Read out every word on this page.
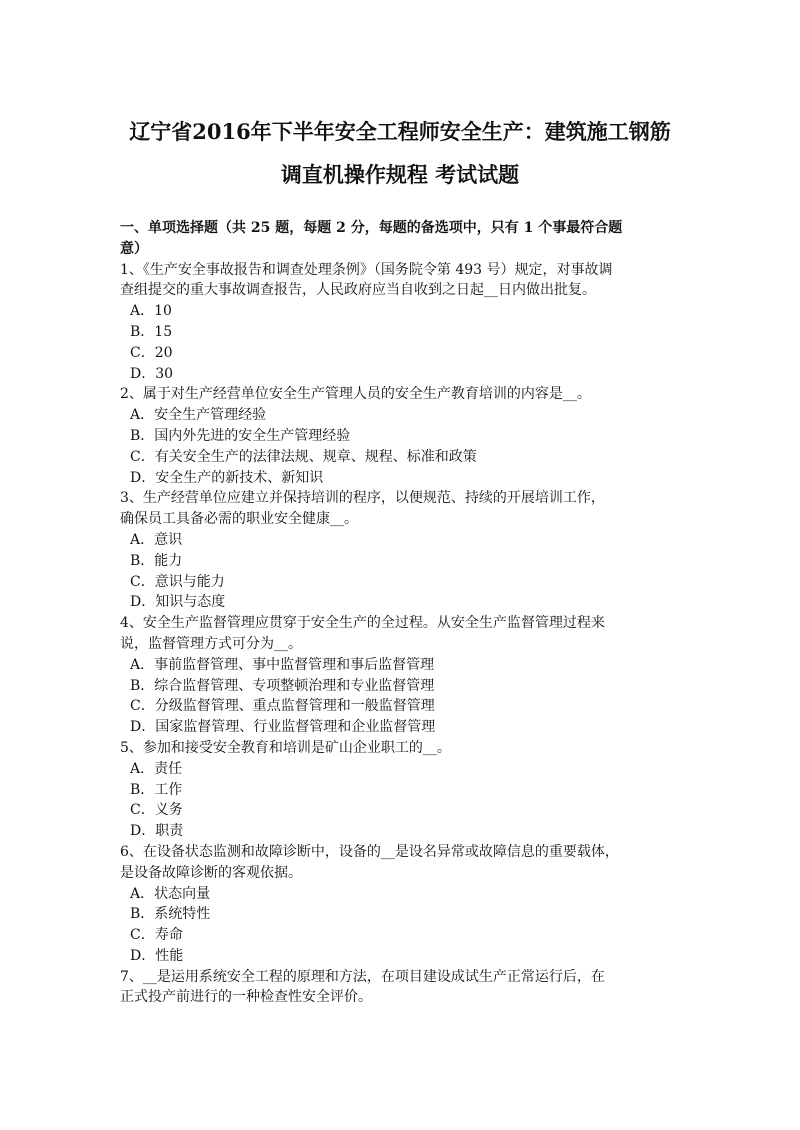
辽宁省2016年下半年安全工程师安全生产：建筑施工钢筋
调直机操作规程 考试试题
一、单项选择题（共 25 题，每题 2 分，每题的备选项中，只有 1 个事最符合题
意）
1、《生产安全事故报告和调查处理条例》（国务院令第 493 号）规定，对事故调
查组提交的重大事故调查报告，人民政府应当自收到之日起__日内做出批复。
A．10
B．15
C．20
D．30
2、属于对生产经营单位安全生产管理人员的安全生产教育培训的内容是__。
A．安全生产管理经验
B．国内外先进的安全生产管理经验
C．有关安全生产的法律法规、规章、规程、标准和政策
D．安全生产的新技术、新知识
3、生产经营单位应建立并保持培训的程序，以便规范、持续的开展培训工作，
确保员工具备必需的职业安全健康__。
A．意识
B．能力
C．意识与能力
D．知识与态度
4、安全生产监督管理应贯穿于安全生产的全过程。从安全生产监督管理过程来
说，监督管理方式可分为__。
A．事前监督管理、事中监督管理和事后监督管理
B．综合监督管理、专项整顿治理和专业监督管理
C．分级监督管理、重点监督管理和一般监督管理
D．国家监督管理、行业监督管理和企业监督管理
5、参加和接受安全教育和培训是矿山企业职工的__。
A．责任
B．工作
C．义务
D．职责
6、在设备状态监测和故障诊断中，设备的__是设名异常或故障信息的重要载体，
是设备故障诊断的客观依据。
A．状态向量
B．系统特性
C．寿命
D．性能
7、__是运用系统安全工程的原理和方法，在项目建设成试生产正常运行后，在
正式投产前进行的一种检查性安全评价。
